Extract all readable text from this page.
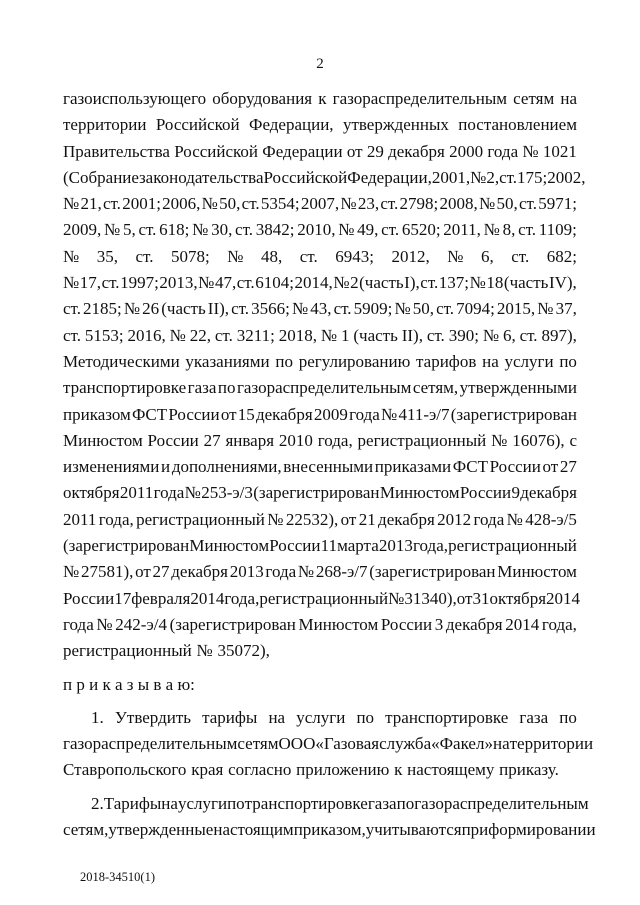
2
газоиспользующего оборудования к газораспределительным сетям на
территории Российской Федерации, утвержденных постановлением
Правительства Российской Федерации от 29 декабря 2000 года № 1021
(Собрание законодательства Российской Федерации, 2001, № 2, ст. 175; 2002,
№ 21, ст. 2001; 2006, № 50, ст. 5354; 2007, № 23, ст. 2798; 2008, № 50, ст. 5971;
2009, № 5, ст. 618; № 30, ст. 3842; 2010, № 49, ст. 6520; 2011, № 8, ст. 1109;
№ 35, ст. 5078; № 48, ст. 6943; 2012, № 6, ст. 682;
№ 17, ст. 1997; 2013, № 47, ст. 6104; 2014, № 2 (часть I), ст. 137; № 18 (часть IV),
ст. 2185; № 26 (часть II), ст. 3566; № 43, ст. 5909; № 50, ст. 7094; 2015, № 37,
ст. 5153; 2016, № 22, ст. 3211; 2018, № 1 (часть II), ст. 390; № 6, ст. 897),
Методическими указаниями по регулированию тарифов на услуги по
транспортировке газа по газораспределительным сетям, утвержденными
приказом ФСТ России от 15 декабря 2009 года № 411-э/7 (зарегистрирован
Минюстом России 27 января 2010 года, регистрационный № 16076), с
изменениями и дополнениями, внесенными приказами ФСТ России от 27
октября 2011 года № 253-э/3 (зарегистрирован Минюстом России 9 декабря
2011 года, регистрационный № 22532), от 21 декабря 2012 года № 428-э/5
(зарегистрирован Минюстом России 11 марта 2013 года, регистрационный
№ 27581), от 27 декабря 2013 года № 268-э/7 (зарегистрирован Минюстом
России 17 февраля 2014 года, регистрационный № 31340), от 31 октября 2014
года № 242-э/4 (зарегистрирован Минюстом России 3 декабря 2014 года,
регистрационный № 35072),
п р и к а з ы в а ю:
1. Утвердить тарифы на услуги по транспортировке газа по
газораспределительным сетям ООО «Газовая служба «Факел» на территории
Ставропольского края согласно приложению к настоящему приказу.
2. Тарифы на услуги по транспортировке газа по газораспределительным
сетям, утвержденные настоящим приказом, учитываются при формировании
2018-34510(1)
